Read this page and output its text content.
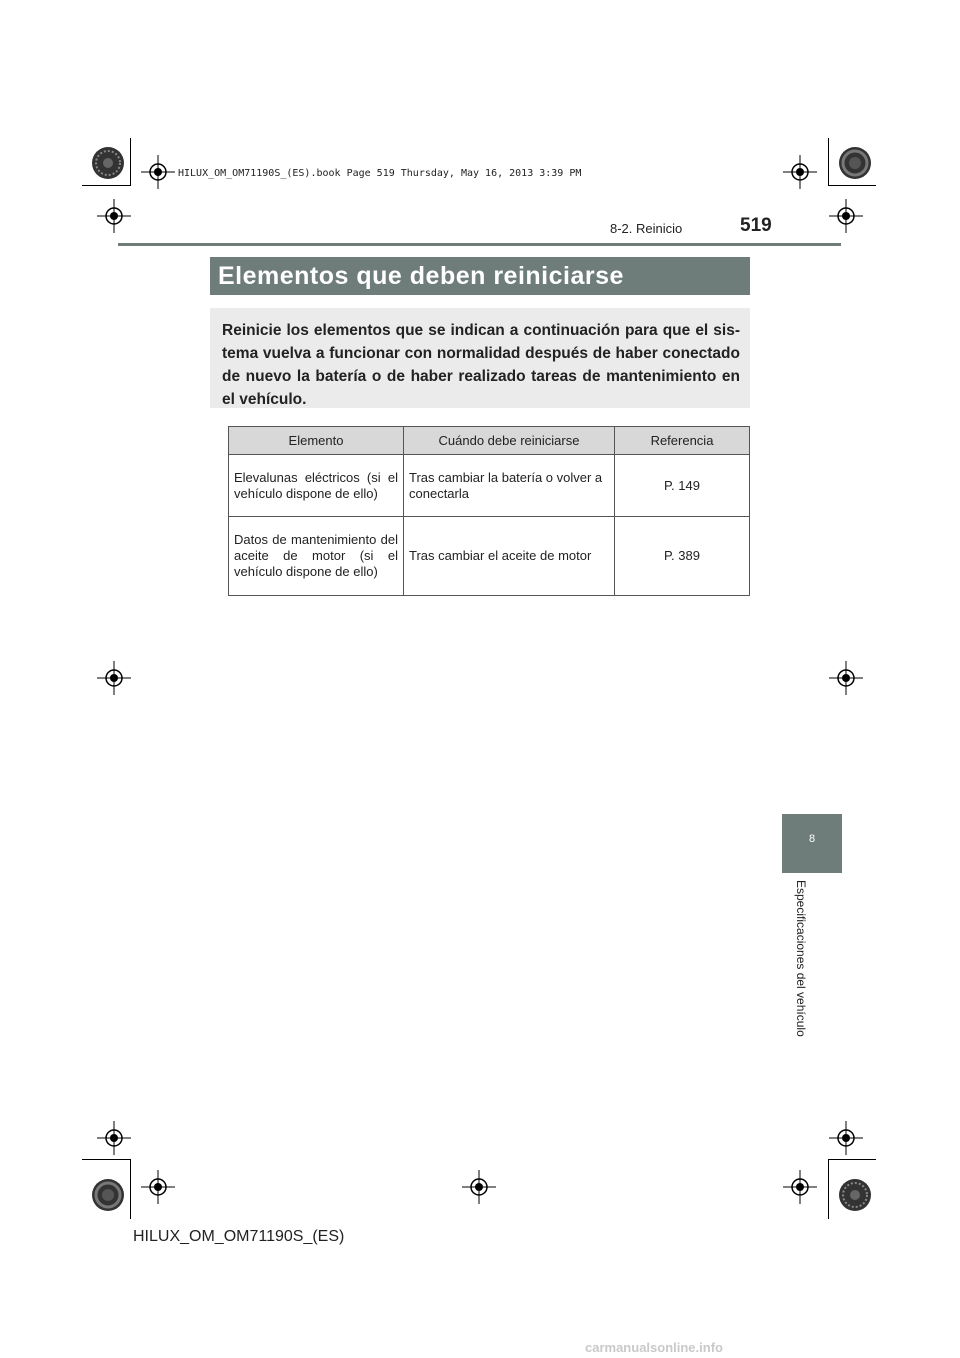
HILUX_OM_OM71190S_(ES).book Page 519 Thursday, May 16, 2013 3:39 PM
8-2. Reinicio	519
Elementos que deben reiniciarse
Reinicie los elementos que se indican a continuación para que el sis-tema vuelva a funcionar con normalidad después de haber conectado de nuevo la batería o de haber realizado tareas de mantenimiento en el vehículo.
Elemento	Cuándo debe reiniciarse	Referencia
Elevalunas eléctricos (si el vehículo dispone de ello)	Tras cambiar la batería o volver a conectarla	P. 149
Datos de mantenimiento del aceite de motor (si el vehículo dispone de ello)	Tras cambiar el aceite de motor	P. 389
8
Especificaciones del vehículo
HILUX_OM_OM71190S_(ES)
carmanualsonline.info
